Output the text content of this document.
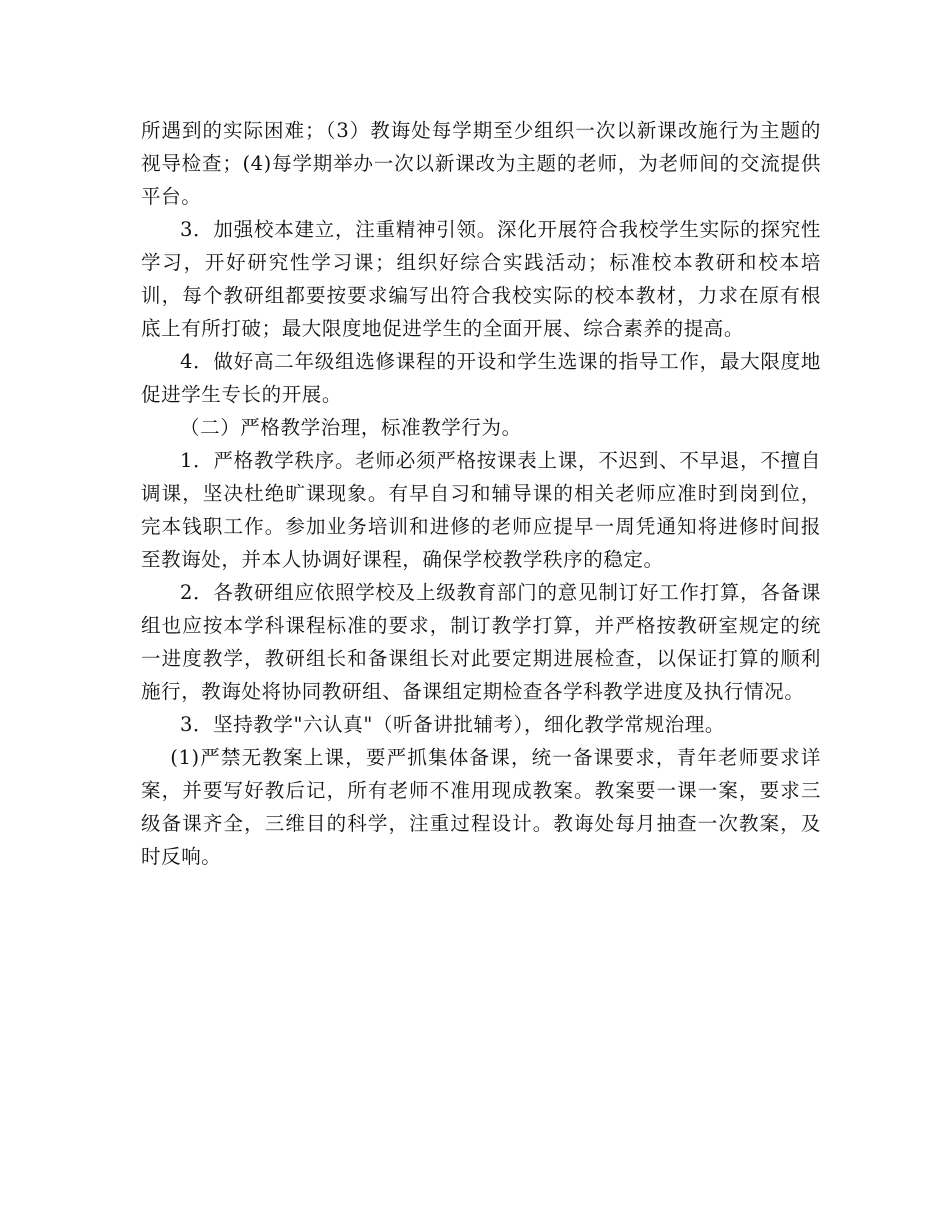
所遇到的实际困难；（3）教诲处每学期至少组织一次以新课改施行为主题的视导检查；(4)每学期举办一次以新课改为主题的老师，为老师间的交流提供平台。

3．加强校本建立，注重精神引领。深化开展符合我校学生实际的探究性学习，开好研究性学习课；组织好综合实践活动；标准校本教研和校本培训，每个教研组都要按要求编写出符合我校实际的校本教材，力求在原有根底上有所打破；最大限度地促进学生的全面开展、综合素养的提高。

4．做好高二年级组选修课程的开设和学生选课的指导工作，最大限度地促进学生专长的开展。

（二）严格教学治理，标准教学行为。

1．严格教学秩序。老师必须严格按课表上课，不迟到、不早退，不擅自调课，坚决杜绝旷课现象。有早自习和辅导课的相关老师应准时到岗到位，完本钱职工作。参加业务培训和进修的老师应提早一周凭通知将进修时间报至教诲处，并本人协调好课程，确保学校教学秩序的稳定。

2．各教研组应依照学校及上级教育部门的意见制订好工作打算，各备课组也应按本学科课程标准的要求，制订教学打算，并严格按教研室规定的统一进度教学，教研组长和备课组长对此要定期进展检查，以保证打算的顺利施行，教诲处将协同教研组、备课组定期检查各学科教学进度及执行情况。

3．坚持教学"六认真"（听备讲批辅考），细化教学常规治理。

(1)严禁无教案上课，要严抓集体备课，统一备课要求，青年老师要求详案，并要写好教后记，所有老师不准用现成教案。教案要一课一案，要求三级备课齐全，三维目的科学，注重过程设计。教诲处每月抽查一次教案，及时反响。
